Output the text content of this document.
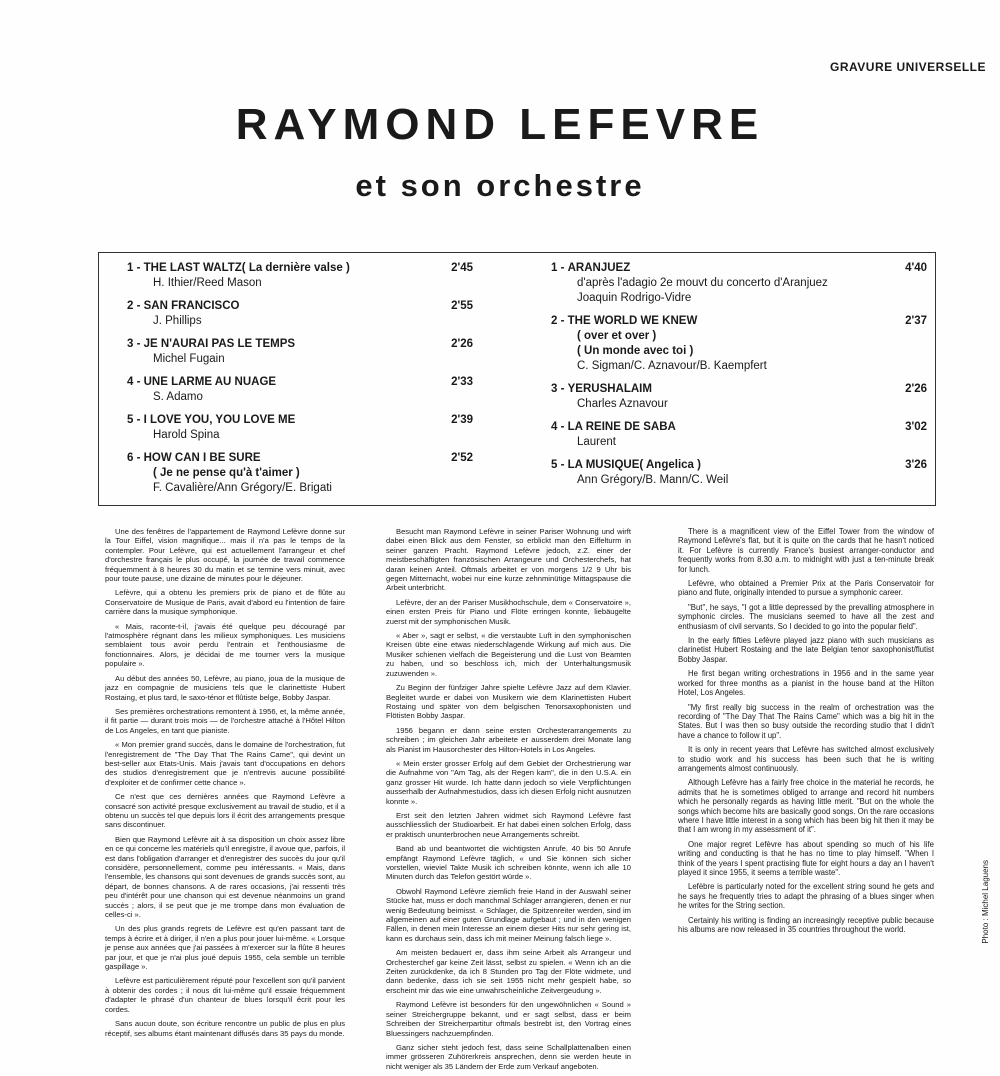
GRAVURE UNIVERSELLE
RAYMOND LEFEVRE
et son orchestre
1 - THE LAST WALTZ ( La dernière valse )	2'45
H. Ithier/Reed Mason
2 - SAN FRANCISCO	2'55
J. Phillips
3 - JE N'AURAI PAS LE TEMPS	2'26
Michel Fugain
4 - UNE LARME AU NUAGE	2'33
S. Adamo
5 - I LOVE YOU, YOU LOVE ME	2'39
Harold Spina
6 - HOW CAN I BE SURE	2'52
( Je ne pense qu'à t'aimer )
F. Cavalière/Ann Grégory/E. Brigati
1 - ARANJUEZ	4'40
d'après l'adagio 2e mouvt du concerto d'Aranjuez
Joaquin Rodrigo-Vidre
2 - THE WORLD WE KNEW	2'37
( over et over )
( Un monde avec toi )
C. Sigman/C. Aznavour/B. Kaempfert
3 - YERUSHALAIM	2'26
Charles Aznavour
4 - LA REINE DE SABA	3'02
Laurent
5 - LA MUSIQUE ( Angelica )	3'26
Ann Grégory/B. Mann/C. Weil

Une des fenêtres de l'appartement de Raymond Lefèvre donne sur la Tour Eiffel, vision magnifique... mais il n'a pas le temps de la contempler. Pour Lefèvre, qui est actuellement l'arrangeur et chef d'orchestre français le plus occupé, la journée de travail commence fréquemment à 8 heures 30 du matin et se termine vers minuit, avec pour toute pause, une dizaine de minutes pour le déjeuner.

Lefèvre, qui a obtenu les premiers prix de piano et de flûte au Conservatoire de Musique de Paris, avait d'abord eu l'intention de faire carrière dans la musique symphonique.

« Mais, raconte-t-il, j'avais été quelque peu découragé par l'atmosphère régnant dans les milieux symphoniques. Les musiciens semblaient tous avoir perdu l'entrain et l'enthousiasme de fonctionnaires. Alors, je décidai de me tourner vers la musique populaire ».

Au début des années 50, Lefèvre, au piano, joua de la musique de jazz en compagnie de musiciens tels que le clarinettiste Hubert Rostaing, et plus tard, le saxo-ténor et flûtiste belge, Bobby Jaspar.

Ses premières orchestrations remontent à 1956, et, la même année, il fit partie — durant trois mois — de l'orchestre attaché à l'Hôtel Hilton de Los Angeles, en tant que pianiste.

« Mon premier grand succès, dans le domaine de l'orchestration, fut l'enregistrement de "The Day That The Rains Came", qui devint un best-seller aux Etats-Unis. Mais j'avais tant d'occupations en dehors des studios d'enregistrement que je n'entrevis aucune possibilité d'exploiter et de confirmer cette chance ».

Ce n'est que ces dernières années que Raymond Lefèvre a consacré son activité presque exclusivement au travail de studio, et il a obtenu un succès tel que depuis lors il écrit des arrangements presque sans discontinuer.

Bien que Raymond Lefèvre ait à sa disposition un choix assez libre en ce qui concerne les matériels qu'il enregistre, il avoue que, parfois, il est dans l'obligation d'arranger et d'enregistrer des succès du jour qu'il considère, personnellement, comme peu intéressants. « Mais, dans l'ensemble, les chansons qui sont devenues de grands succès sont, au départ, de bonnes chansons. A de rares occasions, j'ai ressenti très peu d'intérêt pour une chanson qui est devenue néanmoins un grand succès ; alors, il se peut que je me trompe dans mon évaluation de celles-ci ».

Un des plus grands regrets de Lefèvre est qu'en passant tant de temps à écrire et à diriger, il n'en a plus pour jouer lui-même. « Lorsque je pense aux années que j'ai passées à m'exercer sur la flûte 8 heures par jour, et que je n'ai plus joué depuis 1955, cela semble un terrible gaspillage ».

Lefèvre est particulièrement réputé pour l'excellent son qu'il parvient à obtenir des cordes ; il nous dit lui-même qu'il essaie fréquemment d'adapter le phrasé d'un chanteur de blues lorsqu'il écrit pour les cordes.

Sans aucun doute, son écriture rencontre un public de plus en plus réceptif, ses albums étant maintenant diffusés dans 35 pays du monde.

Besucht man Raymond Lefèvre in seiner Pariser Wohnung und wirft dabei einen Blick aus dem Fenster, so erblickt man den Eiffelturm in seiner ganzen Pracht. Raymond Lefèvre jedoch, z.Z. einer der meistbeschäftigten französischen Arrangeure und Orchesterchefs, hat daran keinen Anteil. Oftmals arbeitet er von morgens 1/2 9 Uhr bis gegen Mitternacht, wobei nur eine kurze zehnminütige Mittagspause die Arbeit unterbricht.

Lefèvre, der an der Pariser Musikhochschule, dem « Conservatoire », einen ersten Preis für Piano und Flöte erringen konnte, liebäugelte zuerst mit der symphonischen Musik.

« Aber », sagt er selbst, « die verstaubte Luft in den symphonischen Kreisen übte eine etwas niederschlagende Wirkung auf mich aus. Die Musiker schienen vielfach die Begeisterung und die Lust von Beamten zu haben, und so beschloss ich, mich der Unterhaltungsmusik zuzuwenden ».

Zu Beginn der fünfziger Jahre spielte Lefèvre Jazz auf dem Klavier. Begleitet wurde er dabei von Musikern wie dem Klarinettisten Hubert Rostaing und später von dem belgischen Tenorsaxophonisten und Flötisten Bobby Jaspar.

1956 begann er dann seine ersten Orchesterarrangements zu schreiben ; im gleichen Jahr arbeitete er ausserdem drei Monate lang als Pianist im Hausorchester des Hilton-Hotels in Los Angeles.

« Mein erster grosser Erfolg auf dem Gebiet der Orchestrierung war die Aufnahme von "Am Tag, als der Regen kam", die in den U.S.A. ein ganz grosser Hit wurde. Ich hatte dann jedoch so viele Verpflichtungen ausserhalb der Aufnahmestudios, dass ich diesen Erfolg nicht ausnutzen konnte ».

Erst seit den letzten Jahren widmet sich Raymond Lefèvre fast ausschliesslich der Studioarbeit. Er hat dabei einen solchen Erfolg, dass er praktisch ununterbrochen neue Arrangements schreibt.

Band ab und beantwortet die wichtigsten Anrufe. 40 bis 50 Anrufe empfängt Raymond Lefèvre täglich, « und Sie können sich sicher vorstellen, wieviel Takte Musik ich schreiben könnte, wenn ich alle 10 Minuten durch das Telefon gestört würde ».

Obwohl Raymond Lefèvre ziemlich freie Hand in der Auswahl seiner Stücke hat, muss er doch manchmal Schlager arrangieren, denen er nur wenig Bedeutung beimisst. « Schlager, die Spitzenreiter werden, sind im allgemeinen auf einer guten Grundlage aufgebaut ; und in den wenigen Fällen, in denen mein Interesse an einem dieser Hits nur sehr gering ist, kann es durchaus sein, dass ich mit meiner Meinung falsch liege ».

Am meisten bedauert er, dass ihm seine Arbeit als Arrangeur und Orchesterchef gar keine Zeit lässt, selbst zu spielen. « Wenn ich an die Zeiten zurückdenke, da ich 8 Stunden pro Tag der Flöte widmete, und dann bedenke, dass ich sie seit 1955 nicht mehr gespielt habe, so erscheint mir das wie eine unwahrscheinliche Zeitvergeudung ».

Raymond Lefèvre ist besonders für den ungewöhnlichen « Sound » seiner Streichergruppe bekannt, und er sagt selbst, dass er beim Schreiben der Streicherpartitur oftmals bestrebt ist, den Vortrag eines Bluessingers nachzuempfinden.

Ganz sicher steht jedoch fest, dass seine Schallplattenalben einen immer grösseren Zuhörerkreis ansprechen, denn sie werden heute in nicht weniger als 35 Ländern der Erde zum Verkauf angeboten.

There is a magnificent view of the Eiffel Tower from the window of Raymond Lefèvre's flat, but it is quite on the cards that he hasn't noticed it. For Lefèvre is currently France's busiest arranger-conductor and frequently works from 8.30 a.m. to midnight with just a ten-minute break for lunch.

Lefèvre, who obtained a Premier Prix at the Paris Conservatoir for piano and flute, originally intended to pursue a symphonic career.

"But", he says, "I got a little depressed by the prevalling atmosphere in symphonic circles. The musicians seemed to have all the zest and enthusiasm of civil servants. So I decided to go into the popular field".

In the early fifties Lefèvre played jazz piano with such musicians as clarinetist Hubert Rostaing and the late Belgian tenor saxophonist/flutist Bobby Jaspar.

He first began writing orchestrations in 1956 and in the same year worked for three months as a pianist in the house band at the Hilton Hotel, Los Angeles.

"My first really big success in the realm of orchestration was the recording of "The Day That The Rains Came" which was a big hit in the States. But I was then so busy outside the recording studio that I didn't have a chance to follow it up".

It is only in recent years that Lefèvre has switched almost exclusively to studio work and his success has been such that he is writing arrangements almost continuously.

Although Lefèvre has a fairly free choice in the material he records, he admits that he is sometimes obliged to arrange and record hit numbers which he personally regards as having little merit. "But on the whole the songs which become hits are basically good songs. On the rare occasions where I have little interest in a song which has been big hit then it may be that I am wrong in my assessment of it".

One major regret Lefèvre has about spending so much of his life writing and conducting is that he has no time to play himself. "When I think of the years I spent practising flute for eight hours a day an I haven't played it since 1955, it seems a terrible waste".

Lefèbre is particularly noted for the excellent string sound he gets and he says he frequently tries to adapt the phrasing of a blues singer when he writes for the String section.

Certainly his writing is finding an increasingly receptive public because his albums are now released in 35 countries throughout the world.	Photo : Michel Laguens
